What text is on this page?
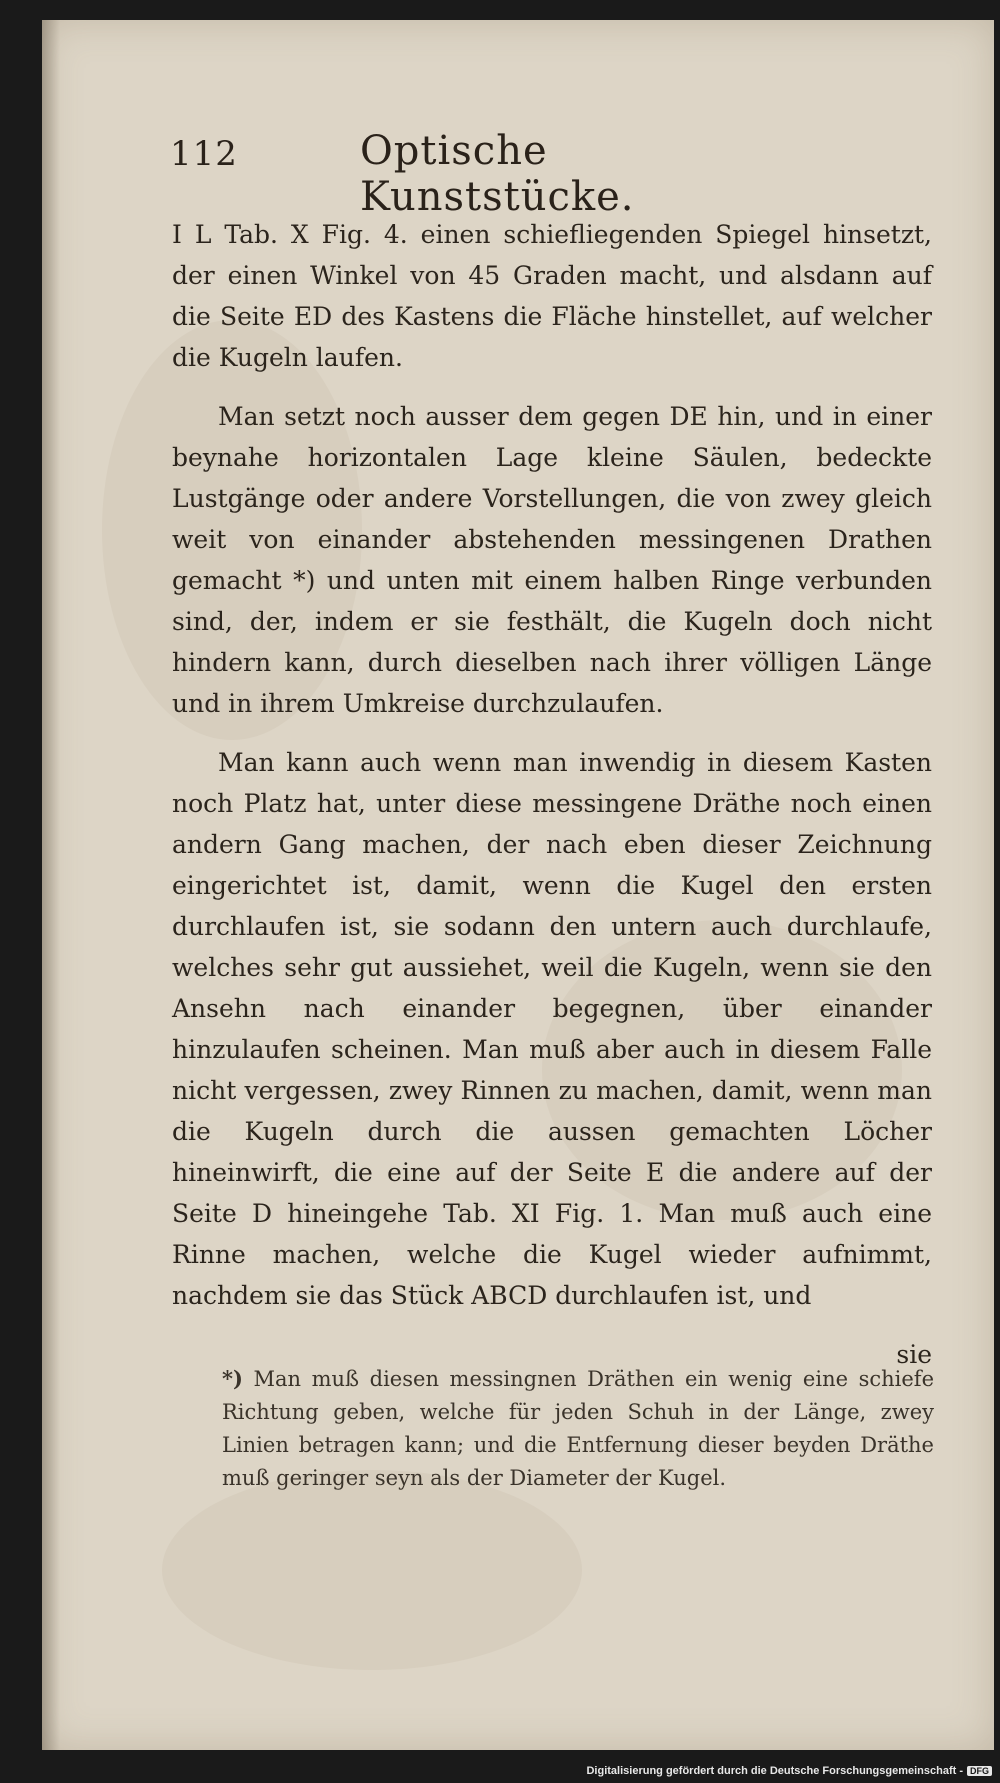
112	Optische Kunststücke.

I L Tab. X Fig. 4. einen schiefliegenden Spiegel hinsetzt, der einen Winkel von 45 Graden macht, und alsdann auf die Seite ED des Kastens die Fläche hinstellet, auf welcher die Kugeln laufen.

Man setzt noch ausser dem gegen DE hin, und in einer beynahe horizontalen Lage kleine Säulen, bedeckte Lustgänge oder andere Vorstellungen, die von zwey gleich weit von einander abstehenden messingenen Drathen gemacht *) und unten mit einem halben Ringe verbunden sind, der, indem er sie festhält, die Kugeln doch nicht hindern kann, durch dieselben nach ihrer völligen Länge und in ihrem Umkreise durchzulaufen.

Man kann auch wenn man inwendig in diesem Kasten noch Platz hat, unter diese messingene Dräthe noch einen andern Gang machen, der nach eben dieser Zeichnung eingerichtet ist, damit, wenn die Kugel den ersten durchlaufen ist, sie sodann den untern auch durchlaufe, welches sehr gut aussiehet, weil die Kugeln, wenn sie den Ansehn nach einander begegnen, über einander hinzulaufen scheinen. Man muß aber auch in diesem Falle nicht vergessen, zwey Rinnen zu machen, damit, wenn man die Kugeln durch die aussen gemachten Löcher hineinwirft, die eine auf der Seite E die andere auf der Seite D hineingehe Tab. XI Fig. 1. Man muß auch eine Rinne machen, welche die Kugel wieder aufnimmt, nachdem sie das Stück ABCD durchlaufen ist, und

sie
*) Man muß diesen messingnen Dräthen ein wenig eine schiefe Richtung geben, welche für jeden Schuh in der Länge, zwey Linien betragen kann; und die Entfernung dieser beyden Dräthe muß geringer seyn als der Diameter der Kugel.
Digitalisierung gefördert durch die Deutsche Forschungsgemeinschaft - DFG
